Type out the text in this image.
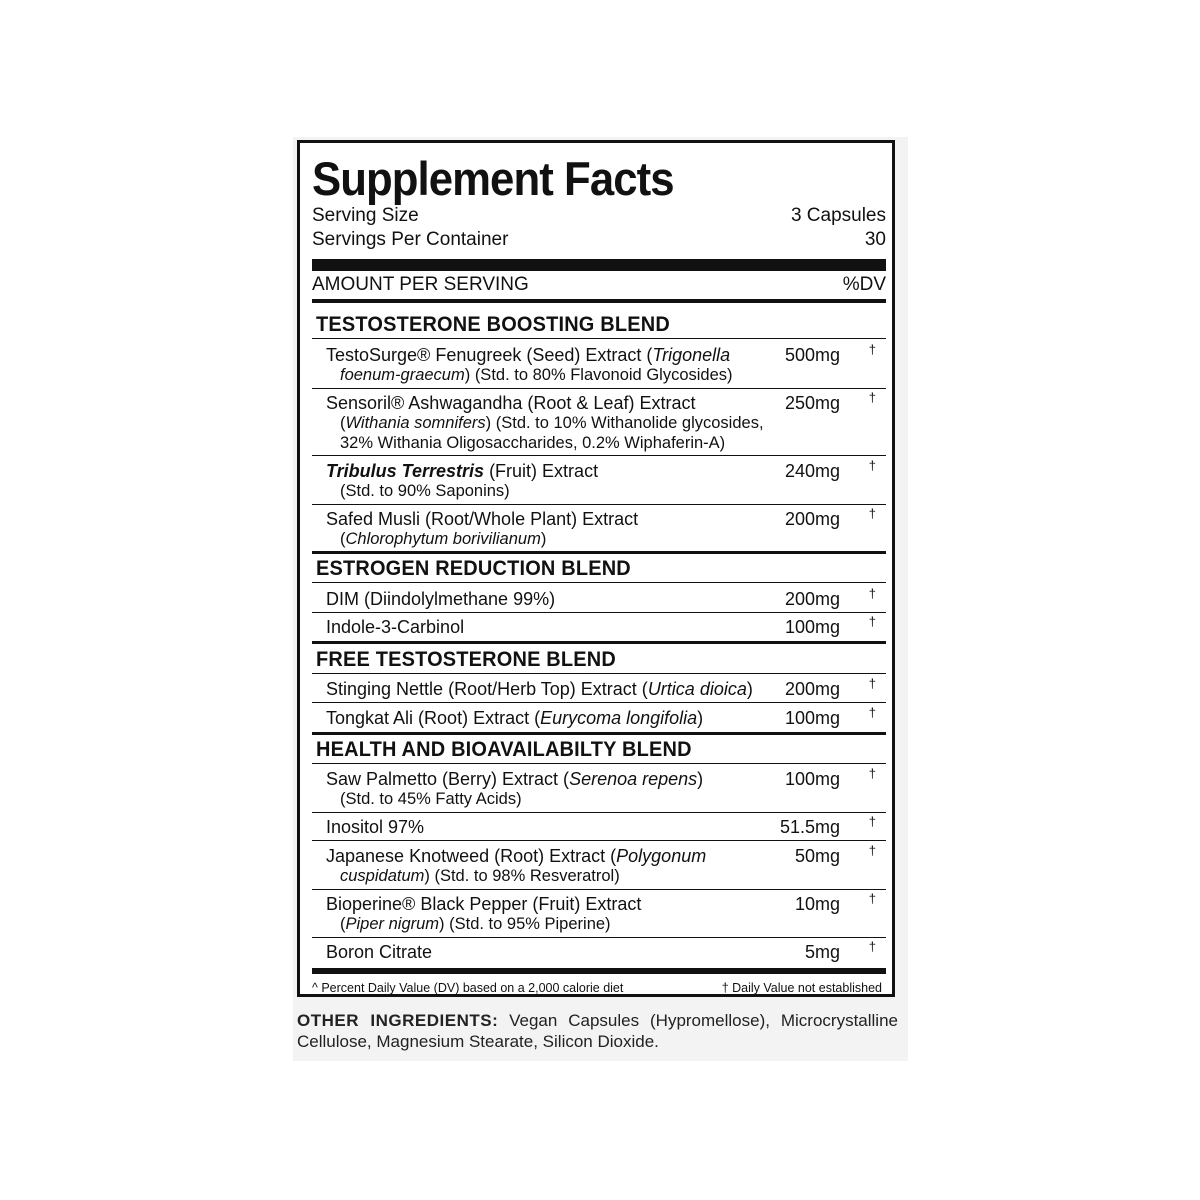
Supplement Facts
Serving Size	3 Capsules
Servings Per Container	30
AMOUNT PER SERVING	%DV
TESTOSTERONE BOOSTING BLEND
TestoSurge® Fenugreek (Seed) Extract (Trigonella
foenum-graecum) (Std. to 80% Flavonoid Glycosides)
500mg †
Sensoril® Ashwagandha (Root & Leaf) Extract
(Withania somnifers) (Std. to 10% Withanolide glycosides,
32% Withania Oligosaccharides, 0.2% Wiphaferin-A)
250mg †
Tribulus Terrestris (Fruit) Extract
(Std. to 90% Saponins)
240mg †
Safed Musli (Root/Whole Plant) Extract
(Chlorophytum borivilianum)
200mg †
ESTROGEN REDUCTION BLEND
DIM (Diindolylmethane 99%)	200mg †
Indole-3-Carbinol	100mg †
FREE TESTOSTERONE BLEND
Stinging Nettle (Root/Herb Top) Extract (Urtica dioica)	200mg †
Tongkat Ali (Root) Extract (Eurycoma longifolia)	100mg †
HEALTH AND BIOAVAILABILTY BLEND
Saw Palmetto (Berry) Extract (Serenoa repens)
(Std. to 45% Fatty Acids)
100mg †
Inositol 97%	51.5mg †
Japanese Knotweed (Root) Extract (Polygonum
cuspidatum) (Std. to 98% Resveratrol)
50mg †
Bioperine® Black Pepper (Fruit) Extract
(Piper nigrum) (Std. to 95% Piperine)
10mg †
Boron Citrate	5mg †
^ Percent Daily Value (DV) based on a 2,000 calorie diet	† Daily Value not established
OTHER INGREDIENTS: Vegan Capsules (Hypromellose), Microcrystalline Cellulose, Magnesium Stearate, Silicon Dioxide.
